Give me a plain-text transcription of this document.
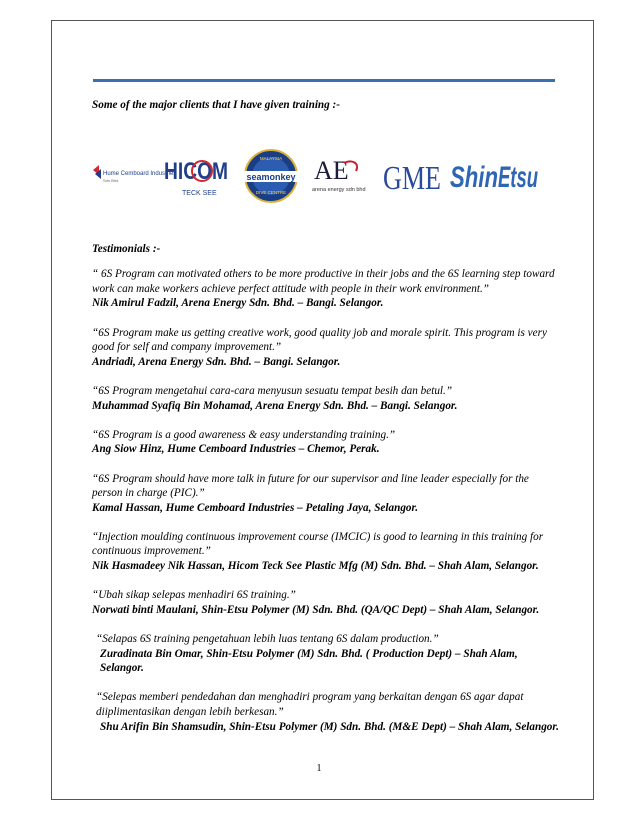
Some of the major clients that I have given training :-

Hume Cemboard Industries
Sdn Bhd HICOM
TECK SEE
MALAYSIA
seamonkey
DIVE CENTRE
AE
arena energy sdn bhd GME Shin Etsu

Testimonials :-

“ 6S Program can motivated others to be more productive in their jobs and the 6S learning step toward work can make workers achieve perfect attitude with people in their work environment.”
Nik Amirul Fadzil, Arena Energy Sdn. Bhd. – Bangi. Selangor.
“6S Program make us getting creative work, good quality job and morale spirit. This program is very good for self and company improvement.”
Andriadi, Arena Energy Sdn. Bhd. – Bangi. Selangor.
“6S Program mengetahui cara-cara menyusun sesuatu tempat besih dan betul.”
Muhammad Syafiq Bin Mohamad, Arena Energy Sdn. Bhd. – Bangi. Selangor.
“6S Program is a good awareness & easy understanding training.”
Ang Siow Hinz, Hume Cemboard Industries – Chemor, Perak.
“6S Program should have more talk in future for our supervisor and line leader especially for the person in charge (PIC).”
Kamal Hassan, Hume Cemboard Industries – Petaling Jaya, Selangor.
“Injection moulding continuous improvement course (IMCIC) is good to learning in this training for continuous improvement.”
Nik Hasmadeey Nik Hassan, Hicom Teck See Plastic Mfg (M) Sdn. Bhd. – Shah Alam, Selangor.
“Ubah sikap selepas menhadiri 6S training.”
Norwati binti Maulani, Shin-Etsu Polymer (M) Sdn. Bhd. (QA/QC Dept) – Shah Alam, Selangor.
“Selapas 6S training pengetahuan lebih luas tentang 6S dalam production.”
Zuradinata Bin Omar, Shin-Etsu Polymer (M) Sdn. Bhd. ( Production Dept) – Shah Alam, Selangor.
“Selepas memberi pendedahan dan menghadiri program yang berkaitan dengan 6S agar dapat diiplimentasikan dengan lebih berkesan.”
Shu Arifin Bin Shamsudin, Shin-Etsu Polymer (M) Sdn. Bhd. (M&E Dept) – Shah Alam, Selangor.
1
